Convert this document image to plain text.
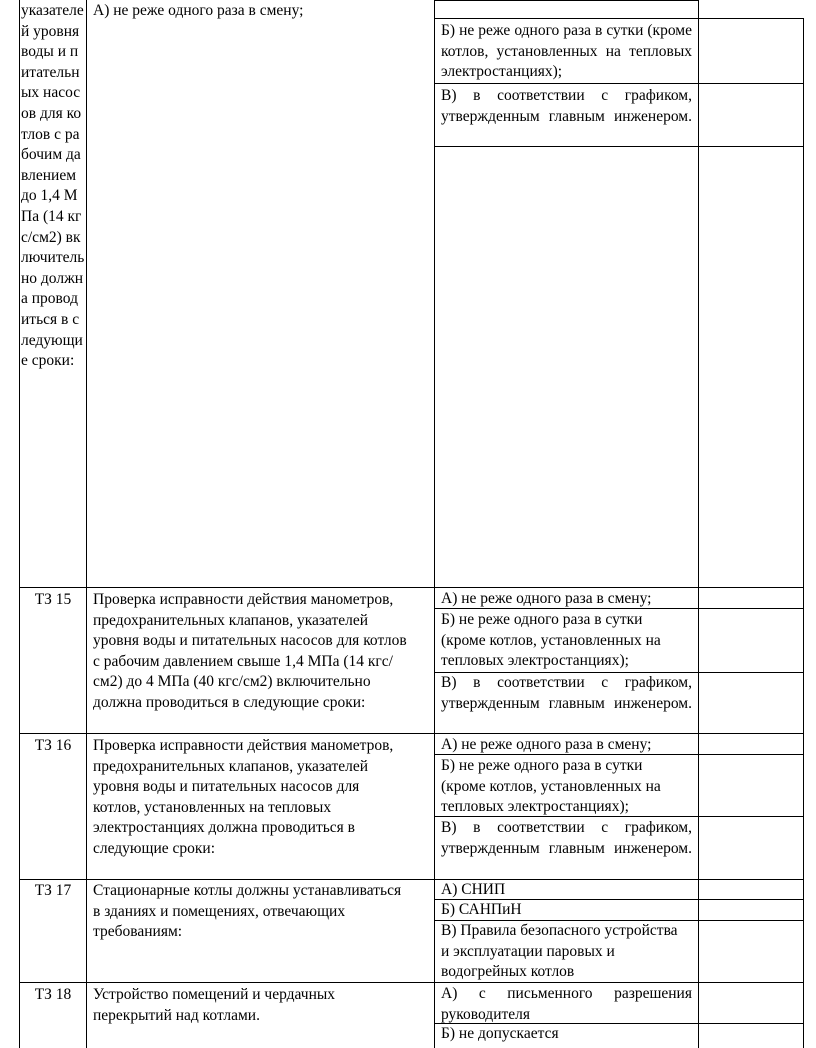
указателей уровня воды и питательных насосов для котлов с рабочим давлением до 1,4 МПа (14 кгс/см2) включительно должна проводиться в следующие сроки:
А) не реже одного раза в смену;
Б) не реже одного раза в сутки (кроме котлов, установленных на тепловых электростанциях);
В) в соответствии с графиком, утвержденным главным инженером.
ТЗ 15	Проверка исправности действия манометров, предохранительных клапанов, указателей уровня воды и питательных насосов для котлов с рабочим давлением свыше 1,4 МПа (14 кгс/см2) до 4 МПа (40 кгс/см2) включительно должна проводиться в следующие сроки:
А) не реже одного раза в смену;
Б) не реже одного раза в сутки (кроме котлов, установленных на тепловых электростанциях);
В) в соответствии с графиком, утвержденным главным инженером.
ТЗ 16	Проверка исправности действия манометров, предохранительных клапанов, указателей уровня воды и питательных насосов для котлов, установленных на тепловых электростанциях должна проводиться в следующие сроки:
А) не реже одного раза в смену;
Б) не реже одного раза в сутки (кроме котлов, установленных на тепловых электростанциях);
В) в соответствии с графиком, утвержденным главным инженером.
ТЗ 17	Стационарные котлы должны устанавливаться в зданиях и помещениях, отвечающих требованиям:
А) СНИП
Б) САНПиН
В) Правила безопасного устройства и эксплуатации паровых и водогрейных котлов
ТЗ 18	Устройство помещений и чердачных перекрытий над котлами.
А) с письменного разрешения руководителя
Б) не допускается
